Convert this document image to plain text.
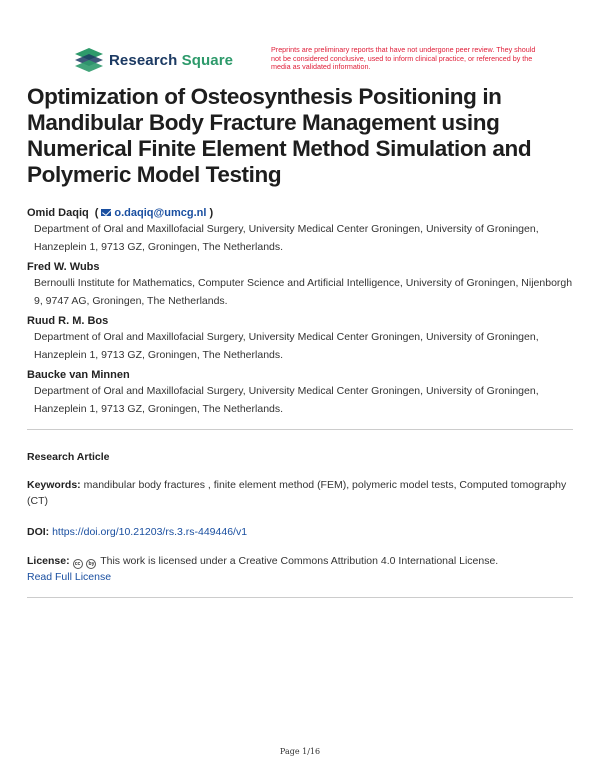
Research Square
Preprints are preliminary reports that have not undergone peer review. They should not be considered conclusive, used to inform clinical practice, or referenced by the media as validated information.
Optimization of Osteosynthesis Positioning in Mandibular Body Fracture Management using Numerical Finite Element Method Simulation and Polymeric Model Testing
Omid Daqiq ( o.daqiq@umcg.nl )
Department of Oral and Maxillofacial Surgery, University Medical Center Groningen, University of Groningen, Hanzeplein 1, 9713 GZ, Groningen, The Netherlands.
Fred W. Wubs
Bernoulli Institute for Mathematics, Computer Science and Artificial Intelligence, University of Groningen, Nijenborgh 9, 9747 AG, Groningen, The Netherlands.
Ruud R. M. Bos
Department of Oral and Maxillofacial Surgery, University Medical Center Groningen, University of Groningen, Hanzeplein 1, 9713 GZ, Groningen, The Netherlands.
Baucke van Minnen
Department of Oral and Maxillofacial Surgery, University Medical Center Groningen, University of Groningen, Hanzeplein 1, 9713 GZ, Groningen, The Netherlands.
Research Article
Keywords: mandibular body fractures , finite element method (FEM), polymeric model tests, Computed tomography (CT)
DOI: https://doi.org/10.21203/rs.3.rs-449446/v1
License: cc by This work is licensed under a Creative Commons Attribution 4.0 International License.
Read Full License
Page 1/16
